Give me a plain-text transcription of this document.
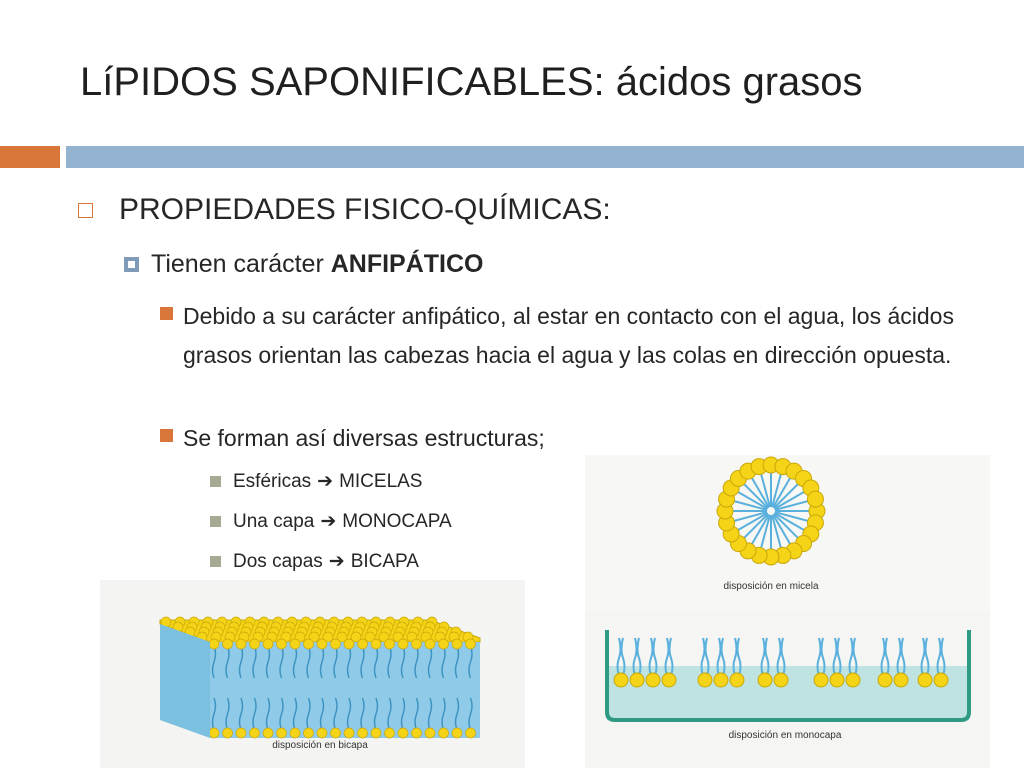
LíPIDOS SAPONIFICABLES: ácidos grasos
PROPIEDADES FISICO-QUÍMICAS:
Tienen carácter ANFIPÁTICO
Debido a su carácter anfipático, al estar en contacto con el agua, los ácidos grasos orientan las cabezas hacia el agua y las colas en dirección opuesta.
Se forman así diversas estructuras;
Esféricas ➔ MICELAS
Una capa ➔ MONOCAPA
Dos capas ➔ BICAPA
disposición en micela
disposición en monocapa
disposición en bicapa
